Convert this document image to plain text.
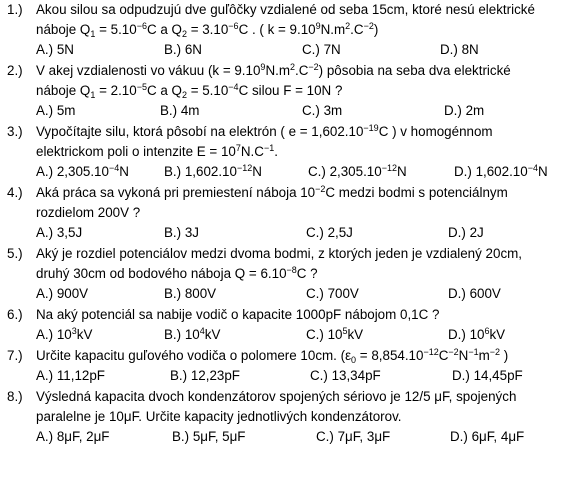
1.) Akou silou sa odpudzujú dve guľôčky vzdialené od seba 15cm, ktoré nesú elektrické
náboje $Q_1 = 5.10^{-6}C$ a $Q_2 = 3.10^{-6}C$ . ( $k = 9.10^9N.m^2.C^{-2}$)
A.) 5N	B.) 6N	C.) 7N	D.) 8N
2.) V akej vzdialenosti vo vákuu $(k = 9.10^9N.m^2.C^{-2})$ pôsobia na seba dva elektrické
náboje $Q_1 = 2.10^{-5}C$ a $Q_2 = 5.10^{-4}C$ silou F = 10N ?
A.) 5m	B.) 4m	C.) 3m	D.) 2m
3.) Vypočítajte silu, ktorá pôsobí na elektrón ( $e = 1,602.10^{-19}C$ ) v homogénnom
elektrickom poli o intenzite $E = 10^7N.C^{-1}$.
A.) $2,305.10^{-4}N$	B.) $1,602.10^{-12}N$	C.) $2,305.10^{-12}N$	D.) $1,602.10^{-4}N$
4.) Aká práca sa vykoná pri premiestení náboja $10^{-2}C$ medzi bodmi s potenciálnym
rozdielom 200V ?
A.) 3,5J	B.) 3J	C.) 2,5J	D.) 2J
5.) Aký je rozdiel potenciálov medzi dvoma bodmi, z ktorých jeden je vzdialený 20cm,
druhý 30cm od bodového náboja $Q = 6.10^{-8}C$ ?
A.) 900V	B.) 800V	C.) 700V	D.) 600V
6.) Na aký potenciál sa nabije vodič o kapacite 1000pF nábojom 0,1C ?
A.) $10^3kV$	B.) $10^4kV$	C.) $10^5kV$	D.) $10^6kV$
7.) Určite kapacitu guľového vodiča o polomere 10cm. ($\varepsilon_0 = 8,854.10^{-12}C^{-2}N^{-1}m^{-2}$ )
A.) 11,12pF	B.) 12,23pF	C.) 13,34pF	D.) 14,45pF
8.) Výsledná kapacita dvoch kondenzátorov spojených sériovo je 12/5 μF, spojených
paralelne je 10μF. Určite kapacity jednotlivých kondenzátorov.
A.) 8μF, 2μF	B.) 5μF, 5μF	C.) 7μF, 3μF	D.) 6μF, 4μF
